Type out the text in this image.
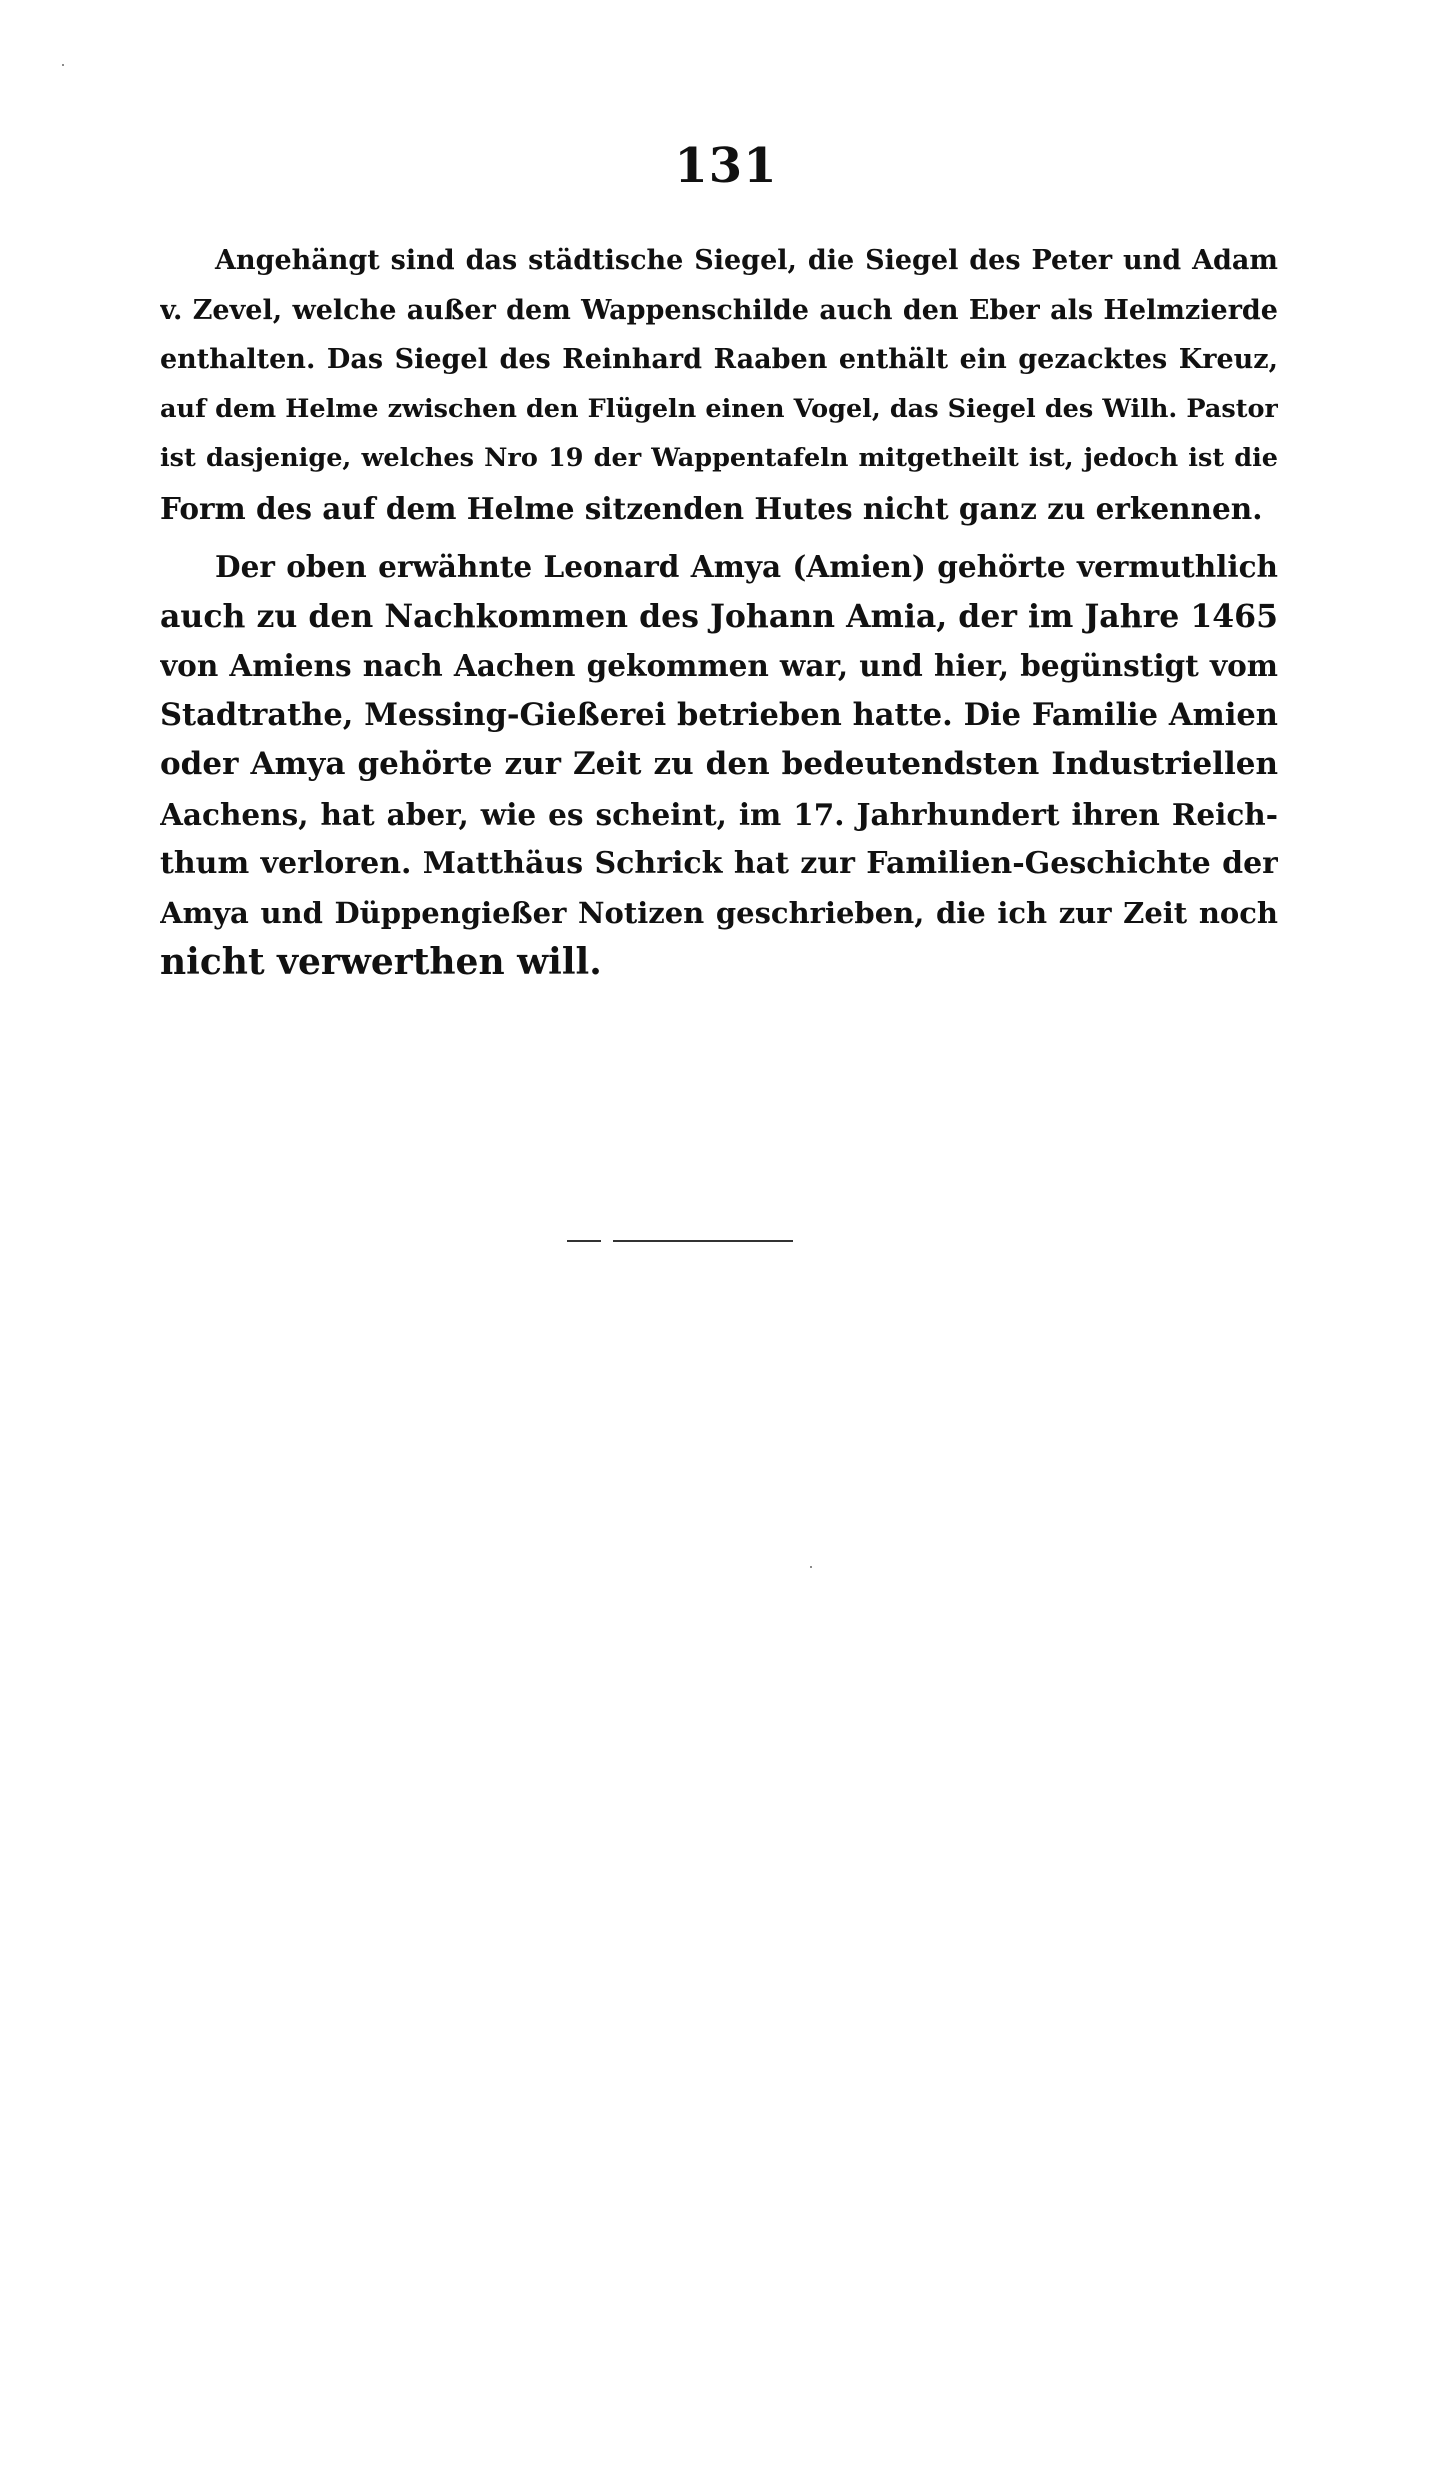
131
Angehängt sind das städtische Siegel, die Siegel des Peter und Adam
v. Zevel, welche außer dem Wappenschilde auch den Eber als Helmzierde
enthalten. Das Siegel des Reinhard Raaben enthält ein gezacktes Kreuz,
auf dem Helme zwischen den Flügeln einen Vogel, das Siegel des Wilh. Pastor
ist dasjenige, welches Nro 19 der Wappentafeln mitgetheilt ist, jedoch ist die
Form des auf dem Helme sitzenden Hutes nicht ganz zu erkennen.
Der oben erwähnte Leonard Amya (Amien) gehörte vermuthlich
auch zu den Nachkommen des Johann Amia, der im Jahre 1465
von Amiens nach Aachen gekommen war, und hier, begünstigt vom
Stadtrathe, Messing-Gießerei betrieben hatte. Die Familie Amien
oder Amya gehörte zur Zeit zu den bedeutendsten Industriellen
Aachens, hat aber, wie es scheint, im 17. Jahrhundert ihren Reich-
thum verloren. Matthäus Schrick hat zur Familien-Geschichte der
Amya und Düppengießer Notizen geschrieben, die ich zur Zeit noch
nicht verwerthen will.
